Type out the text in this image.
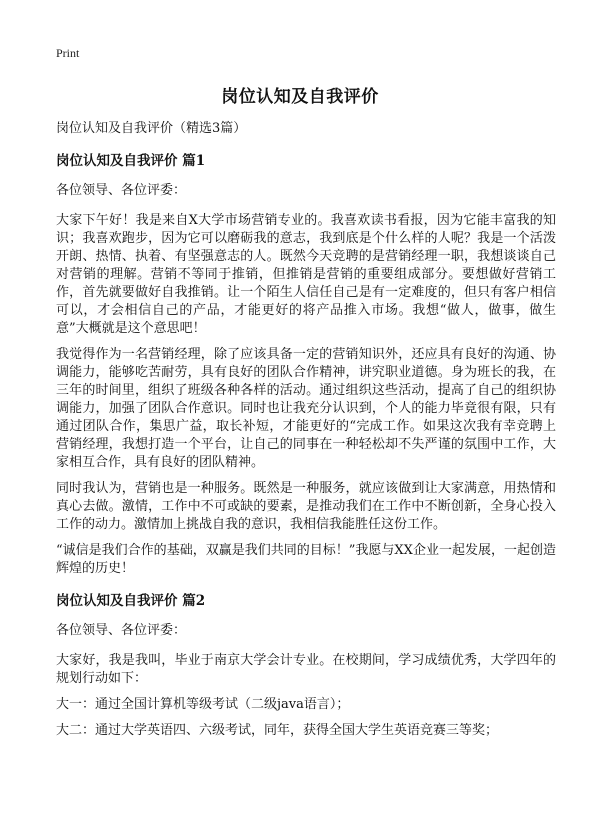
Print
岗位认知及自我评价

岗位认知及自我评价（精选3篇）

岗位认知及自我评价 篇1

各位领导、各位评委：

大家下午好！我是来自X大学市场营销专业的。我喜欢读书看报，因为它能丰富我的知识；我喜欢跑步，因为它可以磨砺我的意志，我到底是个什么样的人呢？我是一个活泼开朗、热情、执着、有坚强意志的人。既然今天竞聘的是营销经理一职，我想谈谈自己对营销的理解。营销不等同于推销，但推销是营销的重要组成部分。要想做好营销工作，首先就要做好自我推销。让一个陌生人信任自己是有一定难度的，但只有客户相信可以，才会相信自己的产品，才能更好的将产品推入市场。我想“做人，做事，做生意”大概就是这个意思吧！

我觉得作为一名营销经理，除了应该具备一定的营销知识外，还应具有良好的沟通、协调能力，能够吃苦耐劳，具有良好的团队合作精神，讲究职业道德。身为班长的我，在三年的时间里，组织了班级各种各样的活动。通过组织这些活动，提高了自己的组织协调能力，加强了团队合作意识。同时也让我充分认识到，个人的能力毕竟很有限，只有通过团队合作，集思广益，取长补短，才能更好的“完成工作。如果这次我有幸竞聘上营销经理，我想打造一个平台，让自己的同事在一种轻松却不失严谨的氛围中工作，大家相互合作，具有良好的团队精神。

同时我认为，营销也是一种服务。既然是一种服务，就应该做到让大家满意，用热情和真心去做。激情，工作中不可或缺的要素，是推动我们在工作中不断创新，全身心投入工作的动力。激情加上挑战自我的意识，我相信我能胜任这份工作。

“诚信是我们合作的基础，双赢是我们共同的目标！”我愿与XX企业一起发展，一起创造辉煌的历史！

岗位认知及自我评价 篇2

各位领导、各位评委：

大家好，我是我叫，毕业于南京大学会计专业。在校期间，学习成绩优秀，大学四年的规划行动如下：

大一：通过全国计算机等级考试（二级java语言）；

大二：通过大学英语四、六级考试，同年，获得全国大学生英语竞赛三等奖；
